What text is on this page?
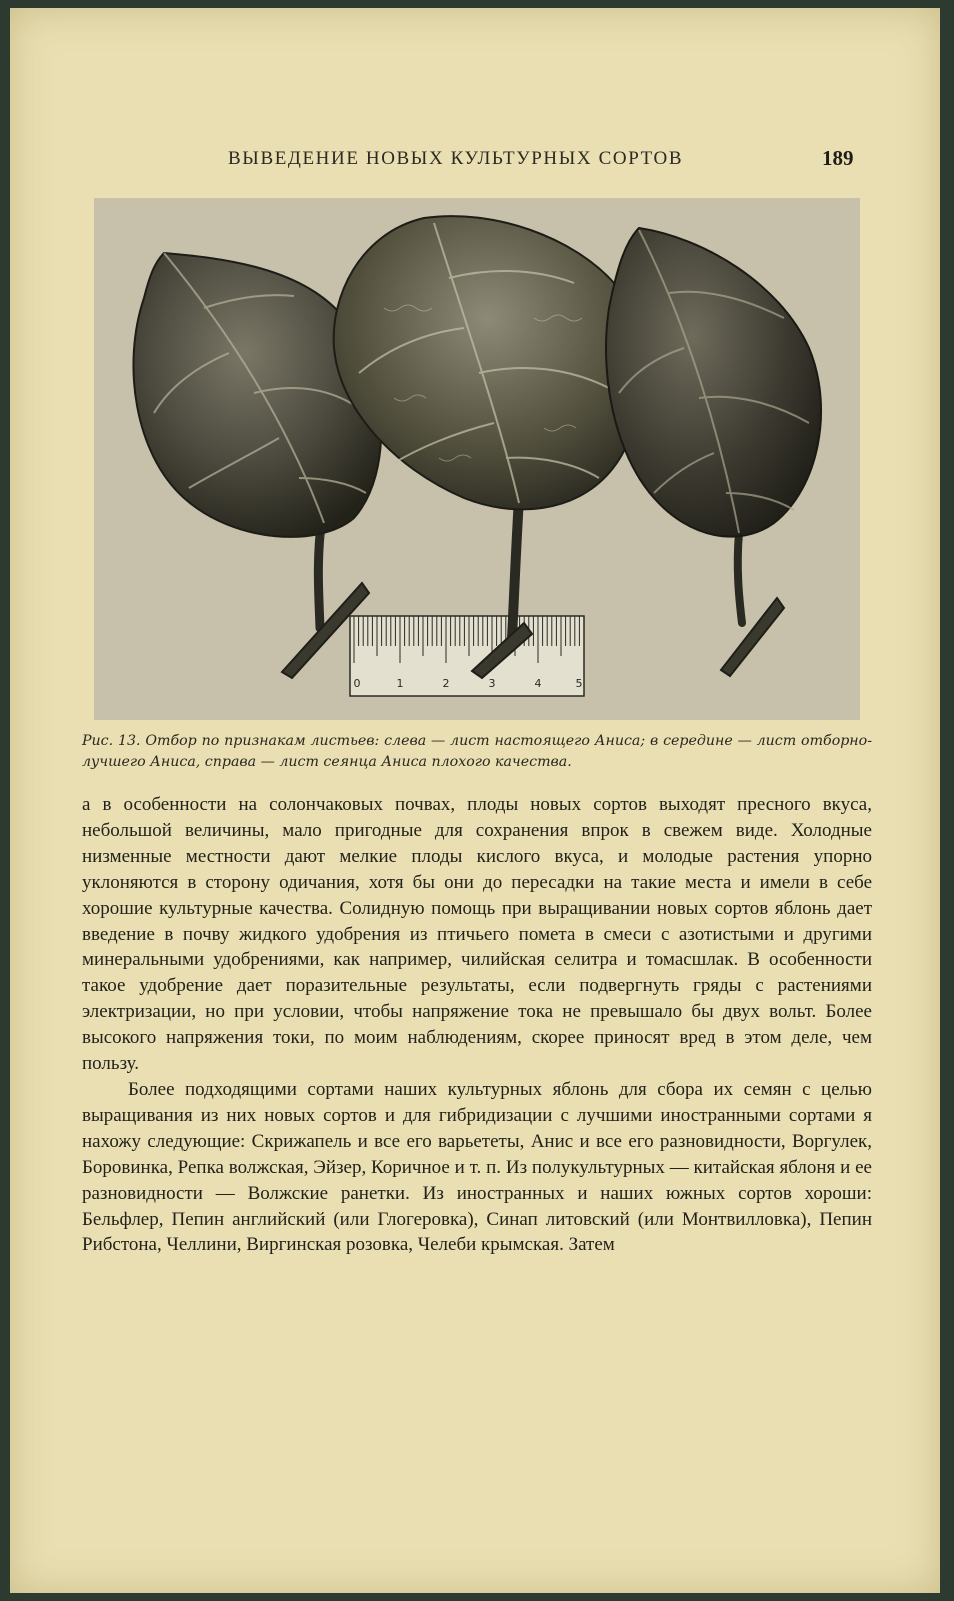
ВЫВЕДЕНИЕ НОВЫХ КУЛЬТУРНЫХ СОРТОВ	189
0	1	2	3	4	5
Рис. 13. Отбор по признакам листьев: слева — лист настоящего Аниса; в середине — лист отборно-лучшего Аниса, справа — лист сеянца Аниса плохого качества.

а в особенности на солончаковых почвах, плоды новых сортов выходят пресного вкуса, небольшой величины, мало пригодные для сохранения впрок в свежем виде. Холодные низменные местности дают мелкие плоды кислого вкуса, и молодые растения упорно уклоняются в сторону одичания, хотя бы они до пересадки на такие места и имели в себе хорошие культурные качества. Солидную помощь при выращивании новых сортов яблонь дает введение в почву жидкого удобрения из птичьего помета в смеси с азотистыми и другими минеральными удобрениями, как например, чилийская селитра и томасшлак. В особенности такое удобрение дает поразительные результаты, если подвергнуть гряды с растениями электризации, но при условии, чтобы напряжение тока не превышало бы двух вольт. Более высокого напряжения токи, по моим наблюдениям, скорее приносят вред в этом деле, чем пользу.

Более подходящими сортами наших культурных яблонь для сбора их семян с целью выращивания из них новых сортов и для гибридизации с лучшими иностранными сортами я нахожу следующие: Скрижапель и все его варьететы, Анис и все его разновидности, Воргулек, Боровинка, Репка волжская, Эйзер, Коричное и т. п. Из полукультурных — китайская яблоня и ее разновидности — Волжские ранетки. Из иностранных и наших южных сортов хороши: Бельфлер, Пепин английский (или Глогеровка), Синап литовский (или Монтвилловка), Пепин Рибстона, Челлини, Виргинская розовка, Челеби крымская. Затем
